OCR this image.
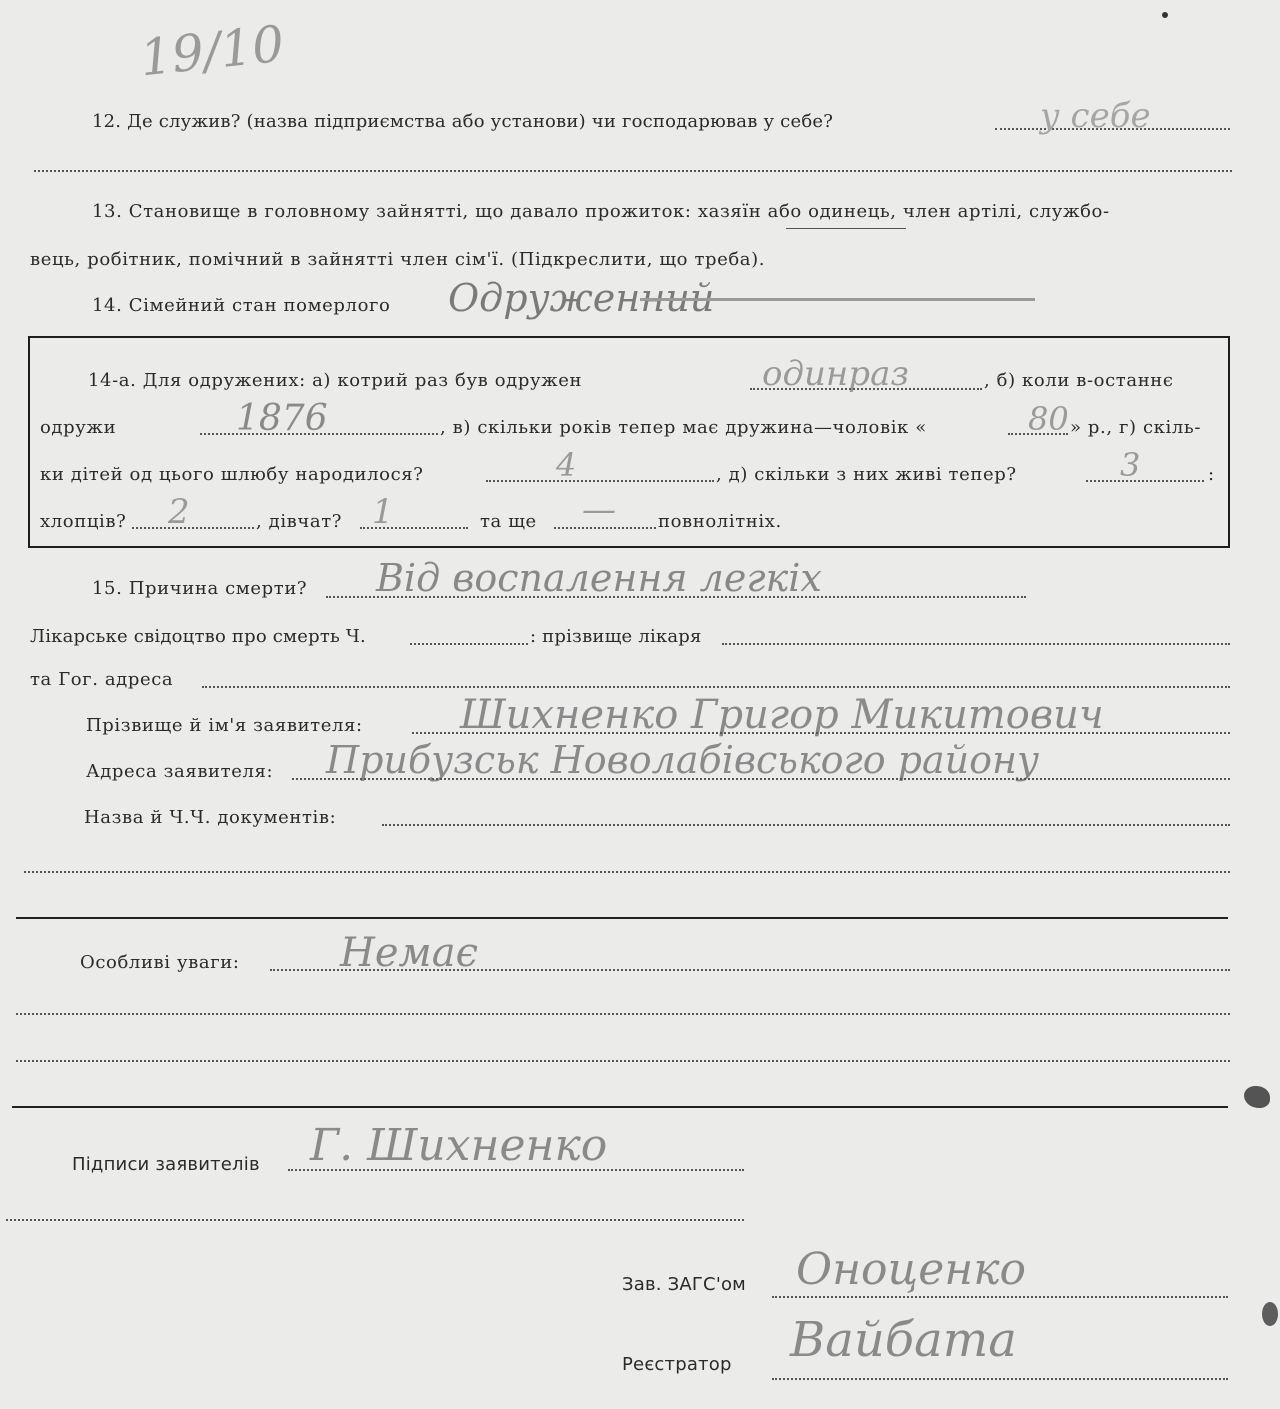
19/10
12. Де служив? (назва підприємства або установи) чи господарював у себе?	у себе
13. Становище в головному зайнятті, що давало прожиток: хазяїн або одинець, член артілі, службо-
вець, робітник, помічний в зайнятті член сім'ї. (Підкреслити, що треба).
14. Сімейний стан померлого Одруженний
14-а. Для одружених: а) котрий раз був одружен	одинраз	, б) коли в-останнє
одружи	1876	, в) скільки років тепер має дружина—чоловік «	80 » р., г) скіль-
ки дітей од цього шлюбу народилося?	4	, д) скільки з них живі тепер?	3	:
хлопців? 2	, дівчат? 1	та ще — повнолітніх.
15. Причина смерти? Від воспалення легкіх
Лікарське свідоцтво про смерть Ч.	: прізвище лікаря
та Гог. адреса
Прізвище й ім'я заявителя: Шихненко Григор Микитович
Адреса заявителя: Прибузськ Новолабівського району
Назва й Ч.Ч. документів:
Особливі уваги:	Немає
Підписи заявителів Г. Шихненко
Зав. ЗАГС'ом Оноценко
Реєстратор Вайбата
